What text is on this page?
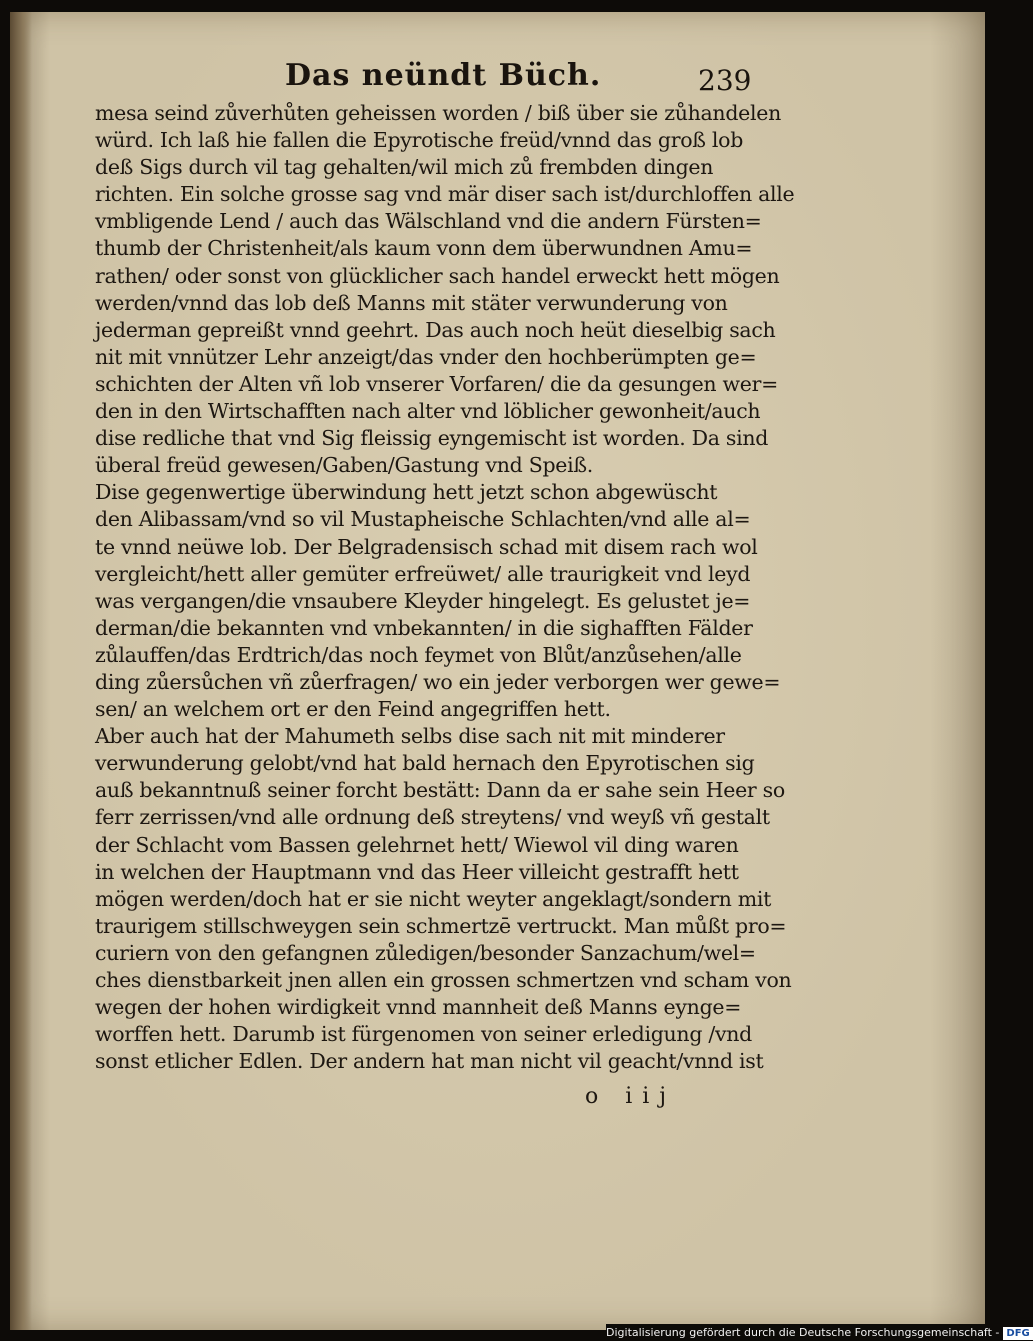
Das neündt Büch.	239
mesa seind zůverhůten geheissen worden / biß über sie zůhandelen
würd. Ich laß hie fallen die Epyrotische freüd/vnnd das groß lob
deß Sigs durch vil tag gehalten/wil mich zů frembden dingen
richten. Ein solche grosse sag vnd mär diser sach ist/durchloffen alle
vmbligende Lend / auch das Wälschland vnd die andern Fürsten=
thumb der Christenheit/als kaum vonn dem überwundnen Amu=
rathen/ oder sonst von glücklicher sach handel erweckt hett mögen
werden/vnnd das lob deß Manns mit stäter verwunderung von
jederman gepreißt vnnd geehrt. Das auch noch heüt dieselbig sach
nit mit vnnützer Lehr anzeigt/das vnder den hochberümpten ge=
schichten der Alten vñ lob vnserer Vorfaren/ die da gesungen wer=
den in den Wirtschafften nach alter vnd löblicher gewonheit/auch
dise redliche that vnd Sig fleissig eyngemischt ist worden. Da sind
überal freüd gewesen/Gaben/Gastung vnd Speiß.
Dise gegenwertige überwindung hett jetzt schon abgewüscht
den Alibassam/vnd so vil Mustapheische Schlachten/vnd alle al=
te vnnd neüwe lob. Der Belgradensisch schad mit disem rach wol
vergleicht/hett aller gemüter erfreüwet/ alle traurigkeit vnd leyd
was vergangen/die vnsaubere Kleyder hingelegt. Es gelustet je=
derman/die bekannten vnd vnbekannten/ in die sighafften Fälder
zůlauffen/das Erdtrich/das noch feymet von Blůt/anzůsehen/alle
ding zůersůchen vñ zůerfragen/ wo ein jeder verborgen wer gewe=
sen/ an welchem ort er den Feind angegriffen hett.
Aber auch hat der Mahumeth selbs dise sach nit mit minderer
verwunderung gelobt/vnd hat bald hernach den Epyrotischen sig
auß bekanntnuß seiner forcht bestätt: Dann da er sahe sein Heer so
ferr zerrissen/vnd alle ordnung deß streytens/ vnd weyß vñ gestalt
der Schlacht vom Bassen gelehrnet hett/ Wiewol vil ding waren
in welchen der Hauptmann vnd das Heer villeicht gestrafft hett
mögen werden/doch hat er sie nicht weyter angeklagt/sondern mit
traurigem stillschweygen sein schmertzē vertruckt. Man můßt pro=
curiern von den gefangnen zůledigen/besonder Sanzachum/wel=
ches dienstbarkeit jnen allen ein grossen schmertzen vnd scham von
wegen der hohen wirdigkeit vnnd mannheit deß Manns eynge=
worffen hett. Darumb ist fürgenomen von seiner erledigung /vnd
sonst etlicher Edlen. Der andern hat man nicht vil geacht/vnnd ist
o iij
Digitalisierung gefördert durch die Deutsche Forschungsgemeinschaft - DFG
